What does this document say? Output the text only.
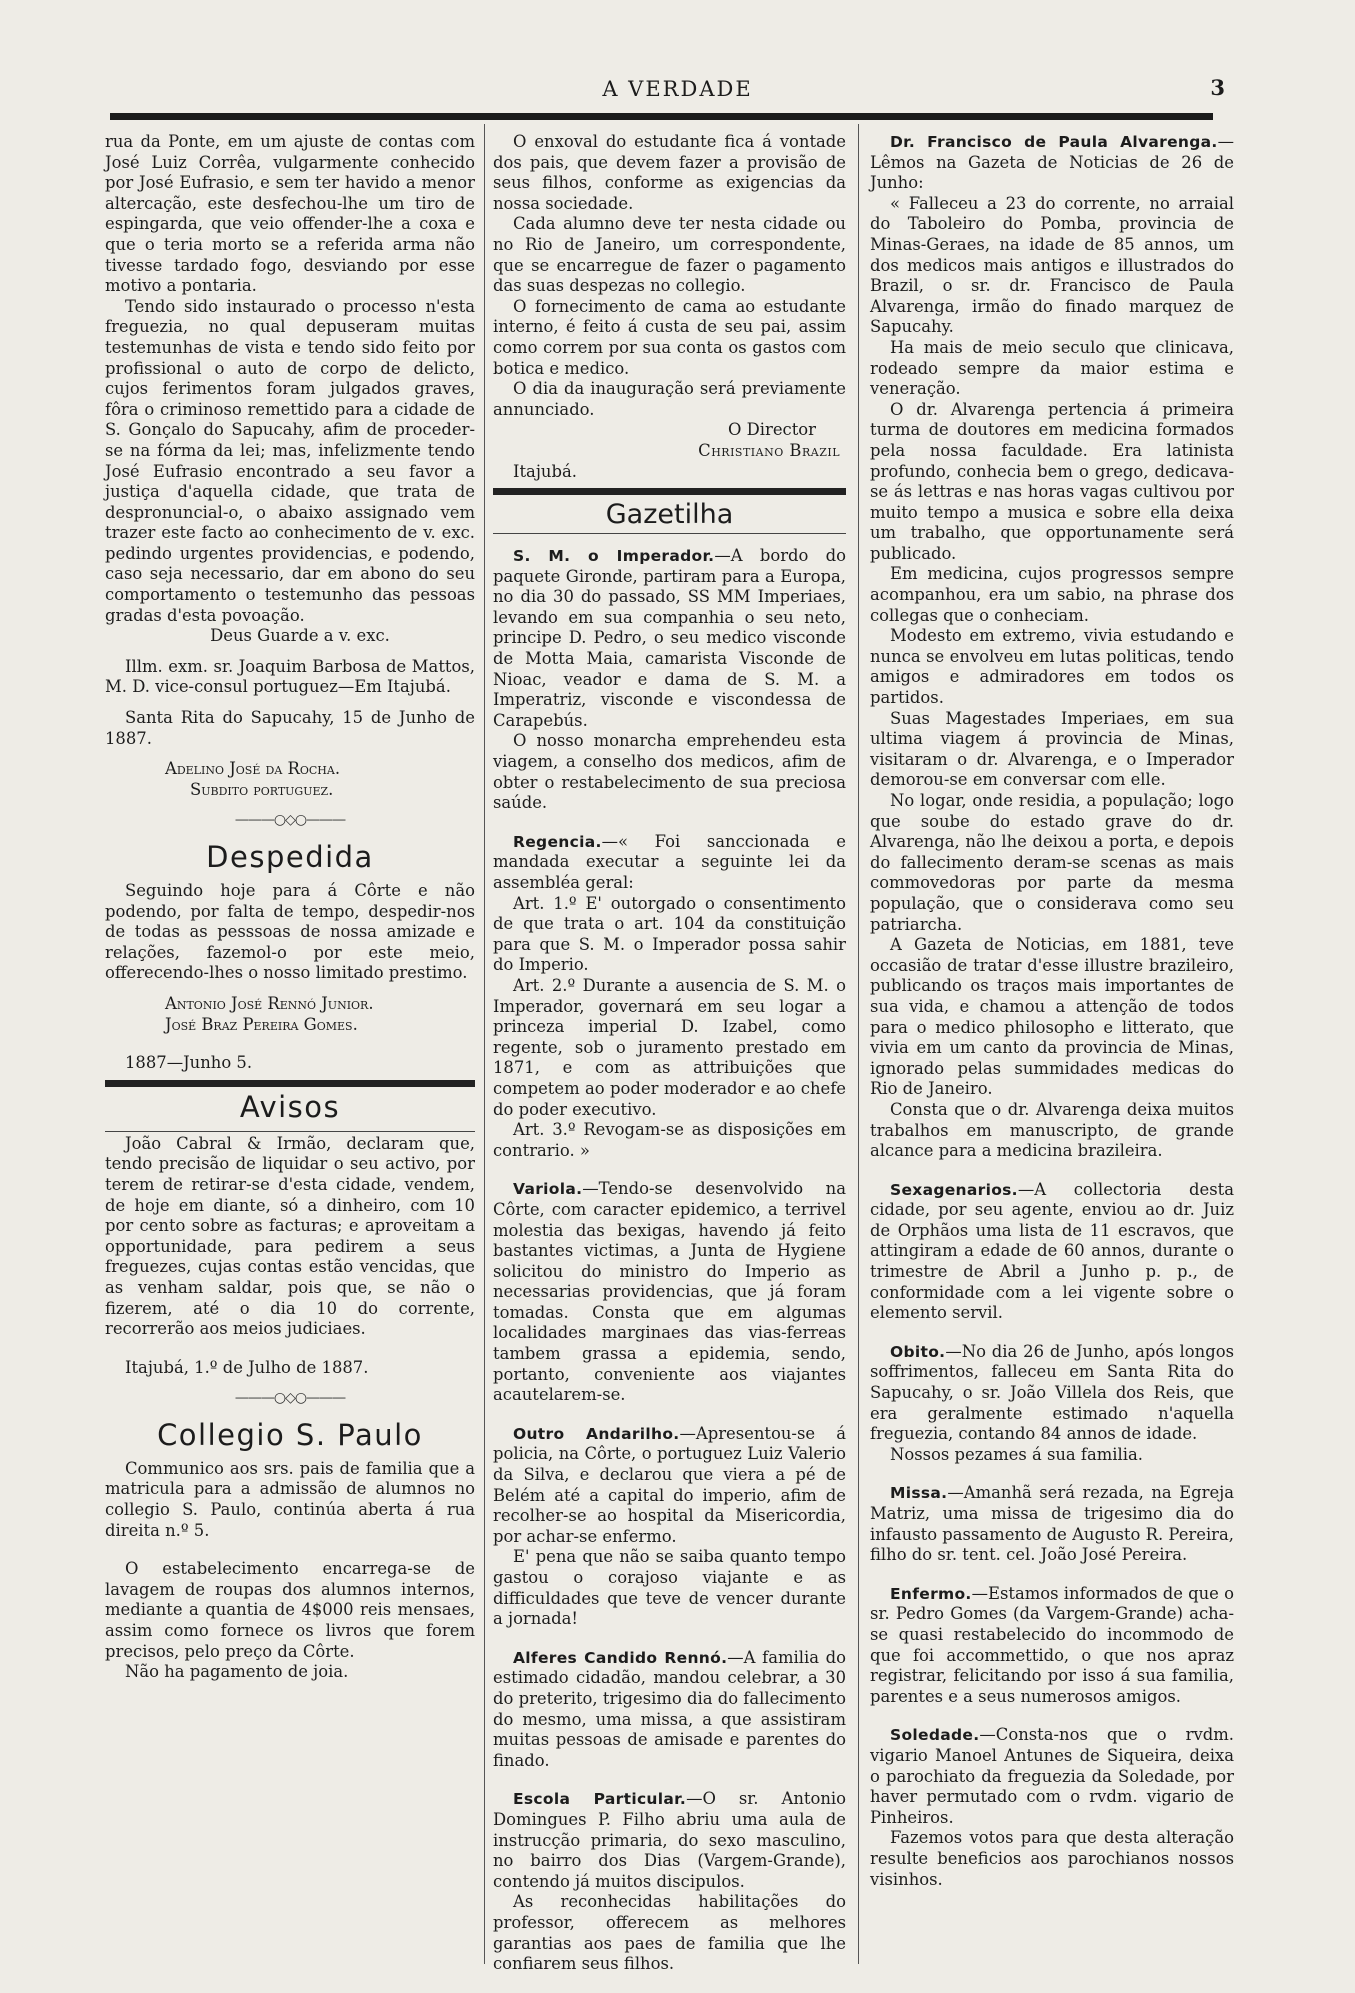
A VERDADE	3

rua da Ponte, em um ajuste de contas com José Luiz Corrêa, vulgarmente conhecido por José Eufrasio, e sem ter havido a menor altercação, este desfechou-lhe um tiro de espingarda, que veio offender-lhe a coxa e que o teria morto se a referida arma não tivesse tardado fogo, desviando por esse motivo a pontaria.

Tendo sido instaurado o processo n'esta freguezia, no qual depuseram muitas testemunhas de vista e tendo sido feito por profissional o auto de corpo de delicto, cujos ferimentos foram julgados graves, fôra o criminoso remettido para a cidade de S. Gonçalo do Sapucahy, afim de proceder-se na fórma da lei; mas, infelizmente tendo José Eufrasio encontrado a seu favor a justiça d'aquella cidade, que trata de despronuncial-o, o abaixo assignado vem trazer este facto ao conhecimento de v. exc. pedindo urgentes providencias, e podendo, caso seja necessario, dar em abono do seu comportamento o testemunho das pessoas gradas d'esta povoação.

Deus Guarde a v. exc.

Illm. exm. sr. Joaquim Barbosa de Mattos, M. D. vice-consul portuguez—Em Itajubá.

Santa Rita do Sapucahy, 15 de Junho de 1887.

Adelino José da Rocha.
Subdito portuguez.
———○◇○———
Despedida

Seguindo hoje para á Côrte e não podendo, por falta de tempo, despedir-nos de todas as pesssoas de nossa amizade e relações, fazemol-o por este meio, offerecendo-lhes o nosso limitado prestimo.

Antonio José Rennó Junior.
José Braz Pereira Gomes.

1887—Junho 5.

Avisos

João Cabral & Irmão, declaram que, tendo precisão de liquidar o seu activo, por terem de retirar-se d'esta cidade, vendem, de hoje em diante, só a dinheiro, com 10 por cento sobre as facturas; e aproveitam a opportunidade, para pedirem a seus freguezes, cujas contas estão vencidas, que as venham saldar, pois que, se não o fizerem, até o dia 10 do corrente, recorrerão aos meios judiciaes.

Itajubá, 1.º de Julho de 1887.

———○◇○———
Collegio S. Paulo

Communico aos srs. pais de familia que a matricula para a admissão de alumnos no collegio S. Paulo, continúa aberta á rua direita n.º 5.

O estabelecimento encarrega-se de lavagem de roupas dos alumnos internos, mediante a quantia de 4$000 reis mensaes, assim como fornece os livros que forem precisos, pelo preço da Côrte.

Não ha pagamento de joia.

O enxoval do estudante fica á vontade dos pais, que devem fazer a provisão de seus filhos, conforme as exigencias da nossa sociedade.

Cada alumno deve ter nesta cidade ou no Rio de Janeiro, um correspondente, que se encarregue de fazer o pagamento das suas despezas no collegio.

O fornecimento de cama ao estudante interno, é feito á custa de seu pai, assim como correm por sua conta os gastos com botica e medico.

O dia da inauguração será previamente annunciado.

O Director
Christiano Brazil

Itajubá.

Gazetilha

S. M. o Imperador.—A bordo do paquete Gironde, partiram para a Europa, no dia 30 do passado, SS MM Imperiaes, levando em sua companhia o seu neto, principe D. Pedro, o seu medico visconde de Motta Maia, camarista Visconde de Nioac, veador e dama de S. M. a Imperatriz, visconde e viscondessa de Carapebús.

O nosso monarcha emprehendeu esta viagem, a conselho dos medicos, afim de obter o restabelecimento de sua preciosa saúde.

Regencia.—« Foi sanccionada e mandada executar a seguinte lei da assembléa geral:

Art. 1.º E' outorgado o consentimento de que trata o art. 104 da constituição para que S. M. o Imperador possa sahir do Imperio.

Art. 2.º Durante a ausencia de S. M. o Imperador, governará em seu logar a princeza imperial D. Izabel, como regente, sob o juramento prestado em 1871, e com as attribuições que competem ao poder moderador e ao chefe do poder executivo.

Art. 3.º Revogam-se as disposições em contrario. »

Variola.—Tendo-se desenvolvido na Côrte, com caracter epidemico, a terrivel molestia das bexigas, havendo já feito bastantes victimas, a Junta de Hygiene solicitou do ministro do Imperio as necessarias providencias, que já foram tomadas. Consta que em algumas localidades marginaes das vias-ferreas tambem grassa a epidemia, sendo, portanto, conveniente aos viajantes acautelarem-se.

Outro Andarilho.—Apresentou-se á policia, na Côrte, o portuguez Luiz Valerio da Silva, e declarou que viera a pé de Belém até a capital do imperio, afim de recolher-se ao hospital da Misericordia, por achar-se enfermo.

E' pena que não se saiba quanto tempo gastou o corajoso viajante e as difficuldades que teve de vencer durante a jornada!

Alferes Candido Rennó.—A familia do estimado cidadão, mandou celebrar, a 30 do preterito, trigesimo dia do fallecimento do mesmo, uma missa, a que assistiram muitas pessoas de amisade e parentes do finado.

Escola Particular.—O sr. Antonio Domingues P. Filho abriu uma aula de instrucção primaria, do sexo masculino, no bairro dos Dias (Vargem-Grande), contendo já muitos discipulos.

As reconhecidas habilitações do professor, offerecem as melhores garantias aos paes de familia que lhe confiarem seus filhos.

Dr. Francisco de Paula Alvarenga.—Lêmos na Gazeta de Noticias de 26 de Junho:

« Falleceu a 23 do corrente, no arraial do Taboleiro do Pomba, provincia de Minas-Geraes, na idade de 85 annos, um dos medicos mais antigos e illustrados do Brazil, o sr. dr. Francisco de Paula Alvarenga, irmão do finado marquez de Sapucahy.

Ha mais de meio seculo que clinicava, rodeado sempre da maior estima e veneração.

O dr. Alvarenga pertencia á primeira turma de doutores em medicina formados pela nossa faculdade. Era latinista profundo, conhecia bem o grego, dedicava-se ás lettras e nas horas vagas cultivou por muito tempo a musica e sobre ella deixa um trabalho, que opportunamente será publicado.

Em medicina, cujos progressos sempre acompanhou, era um sabio, na phrase dos collegas que o conheciam.

Modesto em extremo, vivia estudando e nunca se envolveu em lutas politicas, tendo amigos e admiradores em todos os partidos.

Suas Magestades Imperiaes, em sua ultima viagem á provincia de Minas, visitaram o dr. Alvarenga, e o Imperador demorou-se em conversar com elle.

No logar, onde residia, a população; logo que soube do estado grave do dr. Alvarenga, não lhe deixou a porta, e depois do fallecimento deram-se scenas as mais commovedoras por parte da mesma população, que o considerava como seu patriarcha.

A Gazeta de Noticias, em 1881, teve occasião de tratar d'esse illustre brazileiro, publicando os traços mais importantes de sua vida, e chamou a attenção de todos para o medico philosopho e litterato, que vivia em um canto da provincia de Minas, ignorado pelas summidades medicas do Rio de Janeiro.

Consta que o dr. Alvarenga deixa muitos trabalhos em manuscripto, de grande alcance para a medicina brazileira.

Sexagenarios.—A collectoria desta cidade, por seu agente, enviou ao dr. Juiz de Orphãos uma lista de 11 escravos, que attingiram a edade de 60 annos, durante o trimestre de Abril a Junho p. p., de conformidade com a lei vigente sobre o elemento servil.

Obito.—No dia 26 de Junho, após longos soffrimentos, falleceu em Santa Rita do Sapucahy, o sr. João Villela dos Reis, que era geralmente estimado n'aquella freguezia, contando 84 annos de idade.

Nossos pezames á sua familia.

Missa.—Amanhã será rezada, na Egreja Matriz, uma missa de trigesimo dia do infausto passamento de Augusto R. Pereira, filho do sr. tent. cel. João José Pereira.

Enfermo.—Estamos informados de que o sr. Pedro Gomes (da Vargem-Grande) acha-se quasi restabelecido do incommodo de que foi accommettido, o que nos apraz registrar, felicitando por isso á sua familia, parentes e a seus numerosos amigos.

Soledade.—Consta-nos que o rvdm. vigario Manoel Antunes de Siqueira, deixa o parochiato da freguezia da Soledade, por haver permutado com o rvdm. vigario de Pinheiros.

Fazemos votos para que desta alteração resulte beneficios aos parochianos nossos visinhos.
